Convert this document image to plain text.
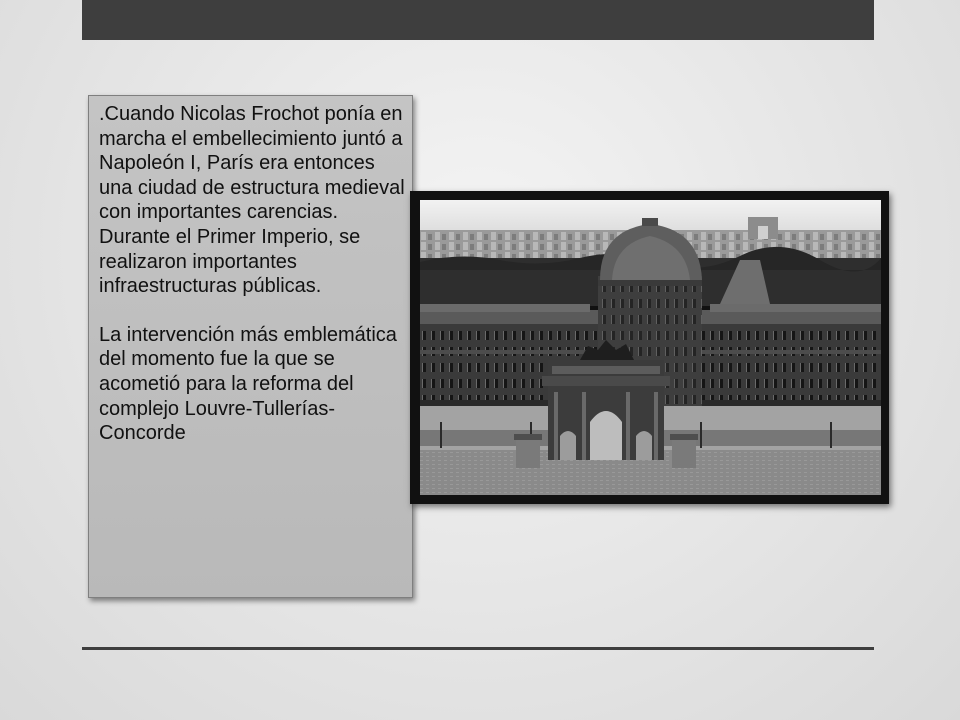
.Cuando Nicolas Frochot ponía en marcha el embellecimiento juntó a Napoleón I, París era entonces una ciudad de estructura medieval con importantes carencias. Durante el Primer Imperio, se realizaron importantes infraestructuras públicas.

La intervención más emblemática del momento fue la que se acometió para la reforma del complejo Louvre-Tullerías-Concorde
